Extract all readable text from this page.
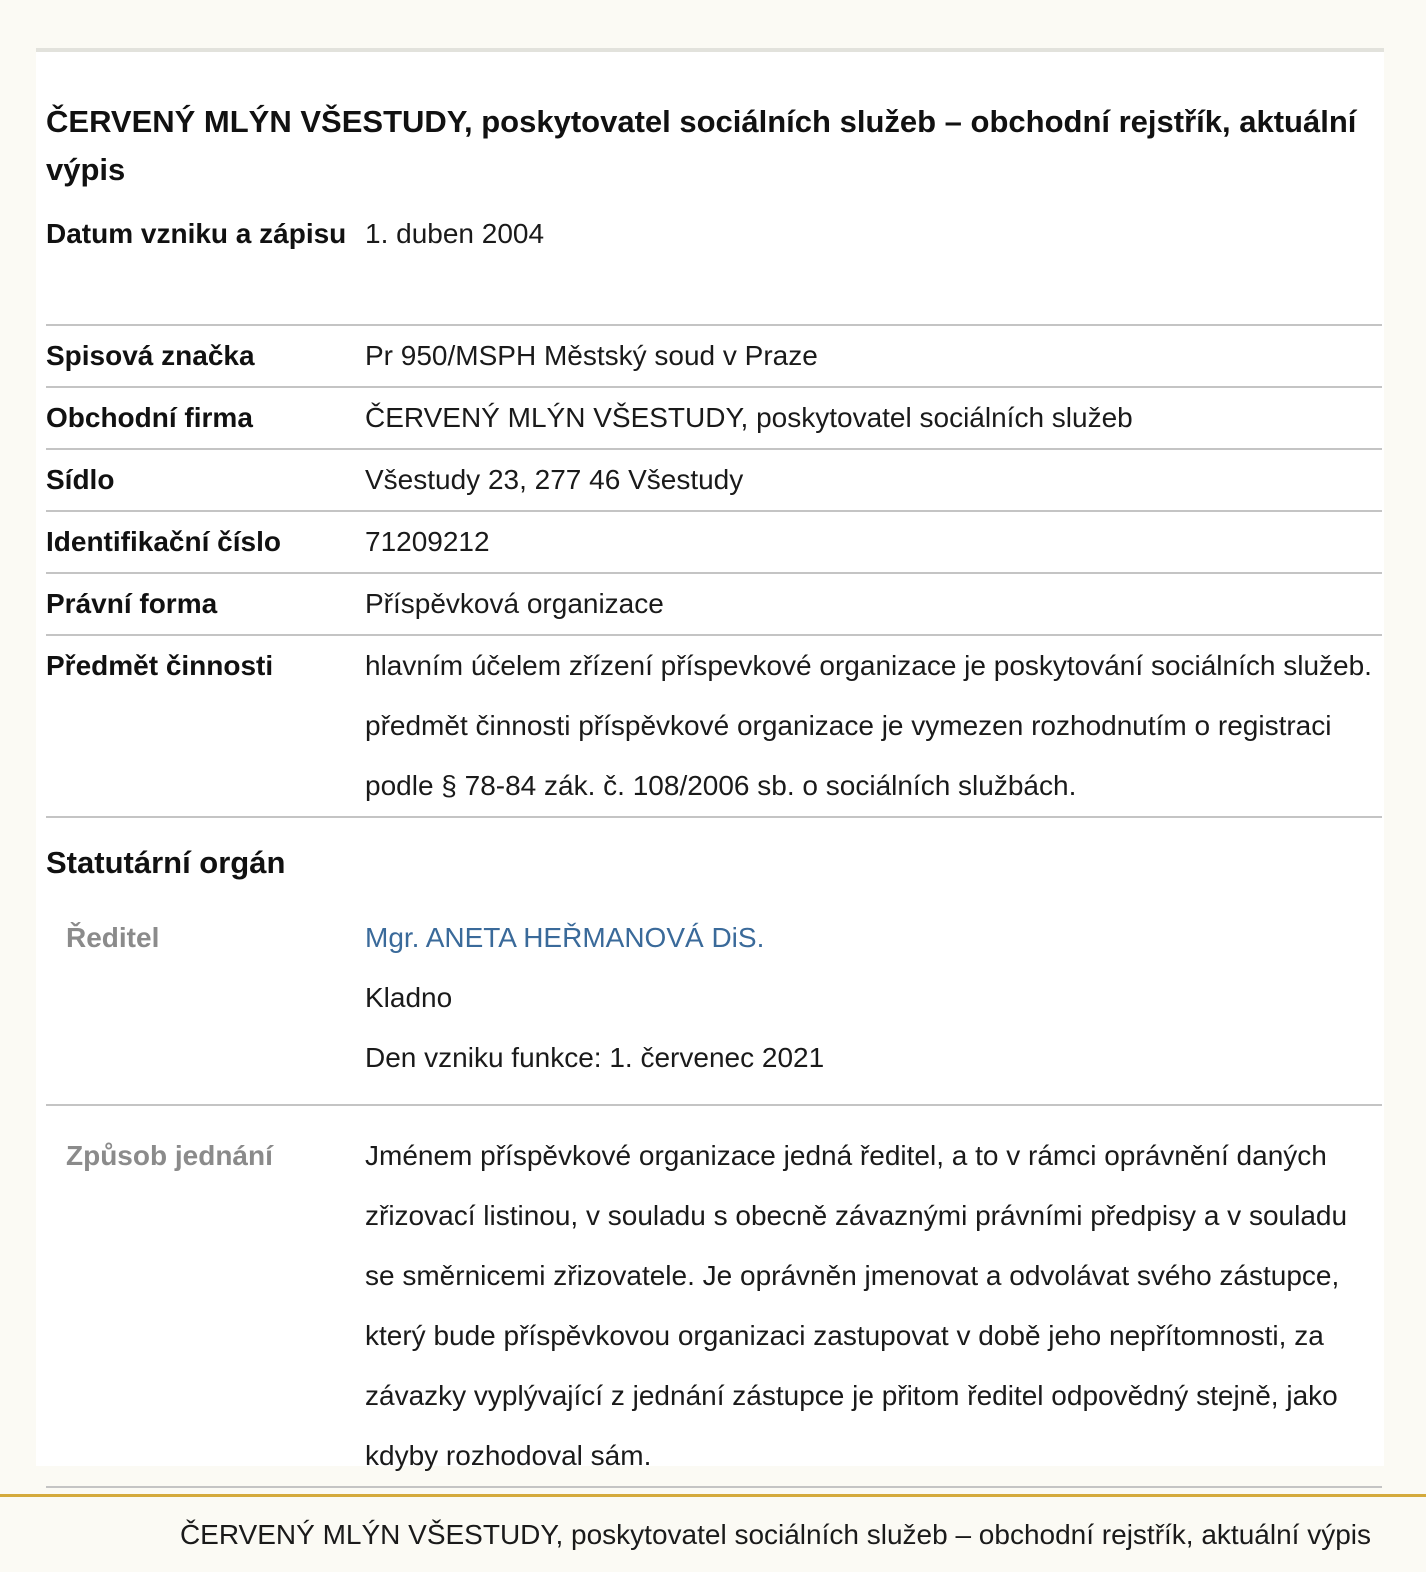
ČERVENÝ MLÝN VŠESTUDY, poskytovatel sociálních služeb – obchodní rejstřík, aktuální výpis
Datum vzniku a zápisu 1. duben 2004
Spisová značka	Pr 950/MSPH Městský soud v Praze
Obchodní firma	ČERVENÝ MLÝN VŠESTUDY, poskytovatel sociálních služeb
Sídlo	Všestudy 23, 277 46 Všestudy
Identifikační číslo	71209212
Právní forma	Příspěvková organizace
Předmět činnosti	hlavním účelem zřízení příspevkové organizace je poskytování sociálních služeb. předmět činnosti příspěvkové organizace je vymezen rozhodnutím o registraci podle § 78-84 zák. č. 108/2006 sb. o sociálních službách.
Statutární orgán
Ředitel	Mgr. ANETA HEŘMANOVÁ DiS.
Kladno
Den vzniku funkce: 1. červenec 2021
Způsob jednání	Jménem příspěvkové organizace jedná ředitel, a to v rámci oprávnění daných zřizovací listinou, v souladu s obecně závaznými právními předpisy a v souladu se směrnicemi zřizovatele. Je oprávněn jmenovat a odvolávat svého zástupce, který bude příspěvkovou organizaci zastupovat v době jeho nepřítomnosti, za závazky vyplývající z jednání zástupce je přitom ředitel odpovědný stejně, jako kdyby rozhodoval sám.
ČERVENÝ MLÝN VŠESTUDY, poskytovatel sociálních služeb – obchodní rejstřík, aktuální výpis
